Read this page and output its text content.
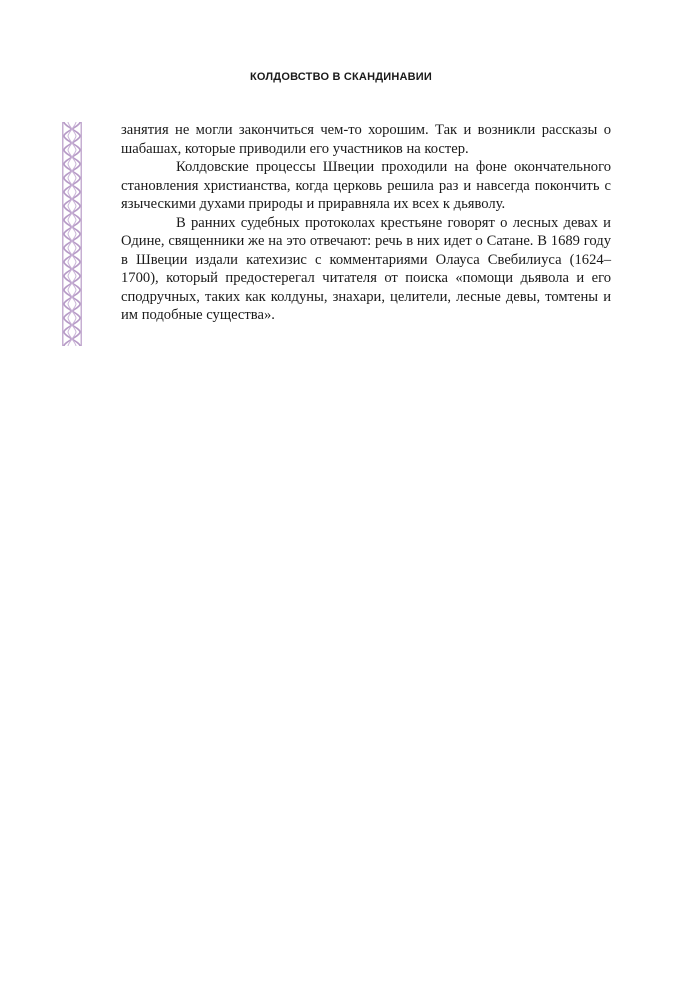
КОЛДОВСТВО В СКАНДИНАВИИ

занятия не могли закончиться чем-то хорошим. Так и возникли рассказы о шабашах, которые приводили его участников на костер.

Колдовские процессы Швеции проходили на фоне окончательного становления христианства, когда церковь решила раз и навсегда покончить с языческими духами природы и приравняла их всех к дьяволу.

В ранних судебных протоколах крестьяне говорят о лесных девах и Одине, священники же на это отвечают: речь в них идет о Сатане. В 1689 году в Швеции издали катехизис с комментариями Олауса Свебилиуса (1624–1700), который предостерегал читателя от поиска «помощи дьявола и его сподручных, таких как колдуны, знахари, целители, лесные девы, томтены и им подобные существа».
